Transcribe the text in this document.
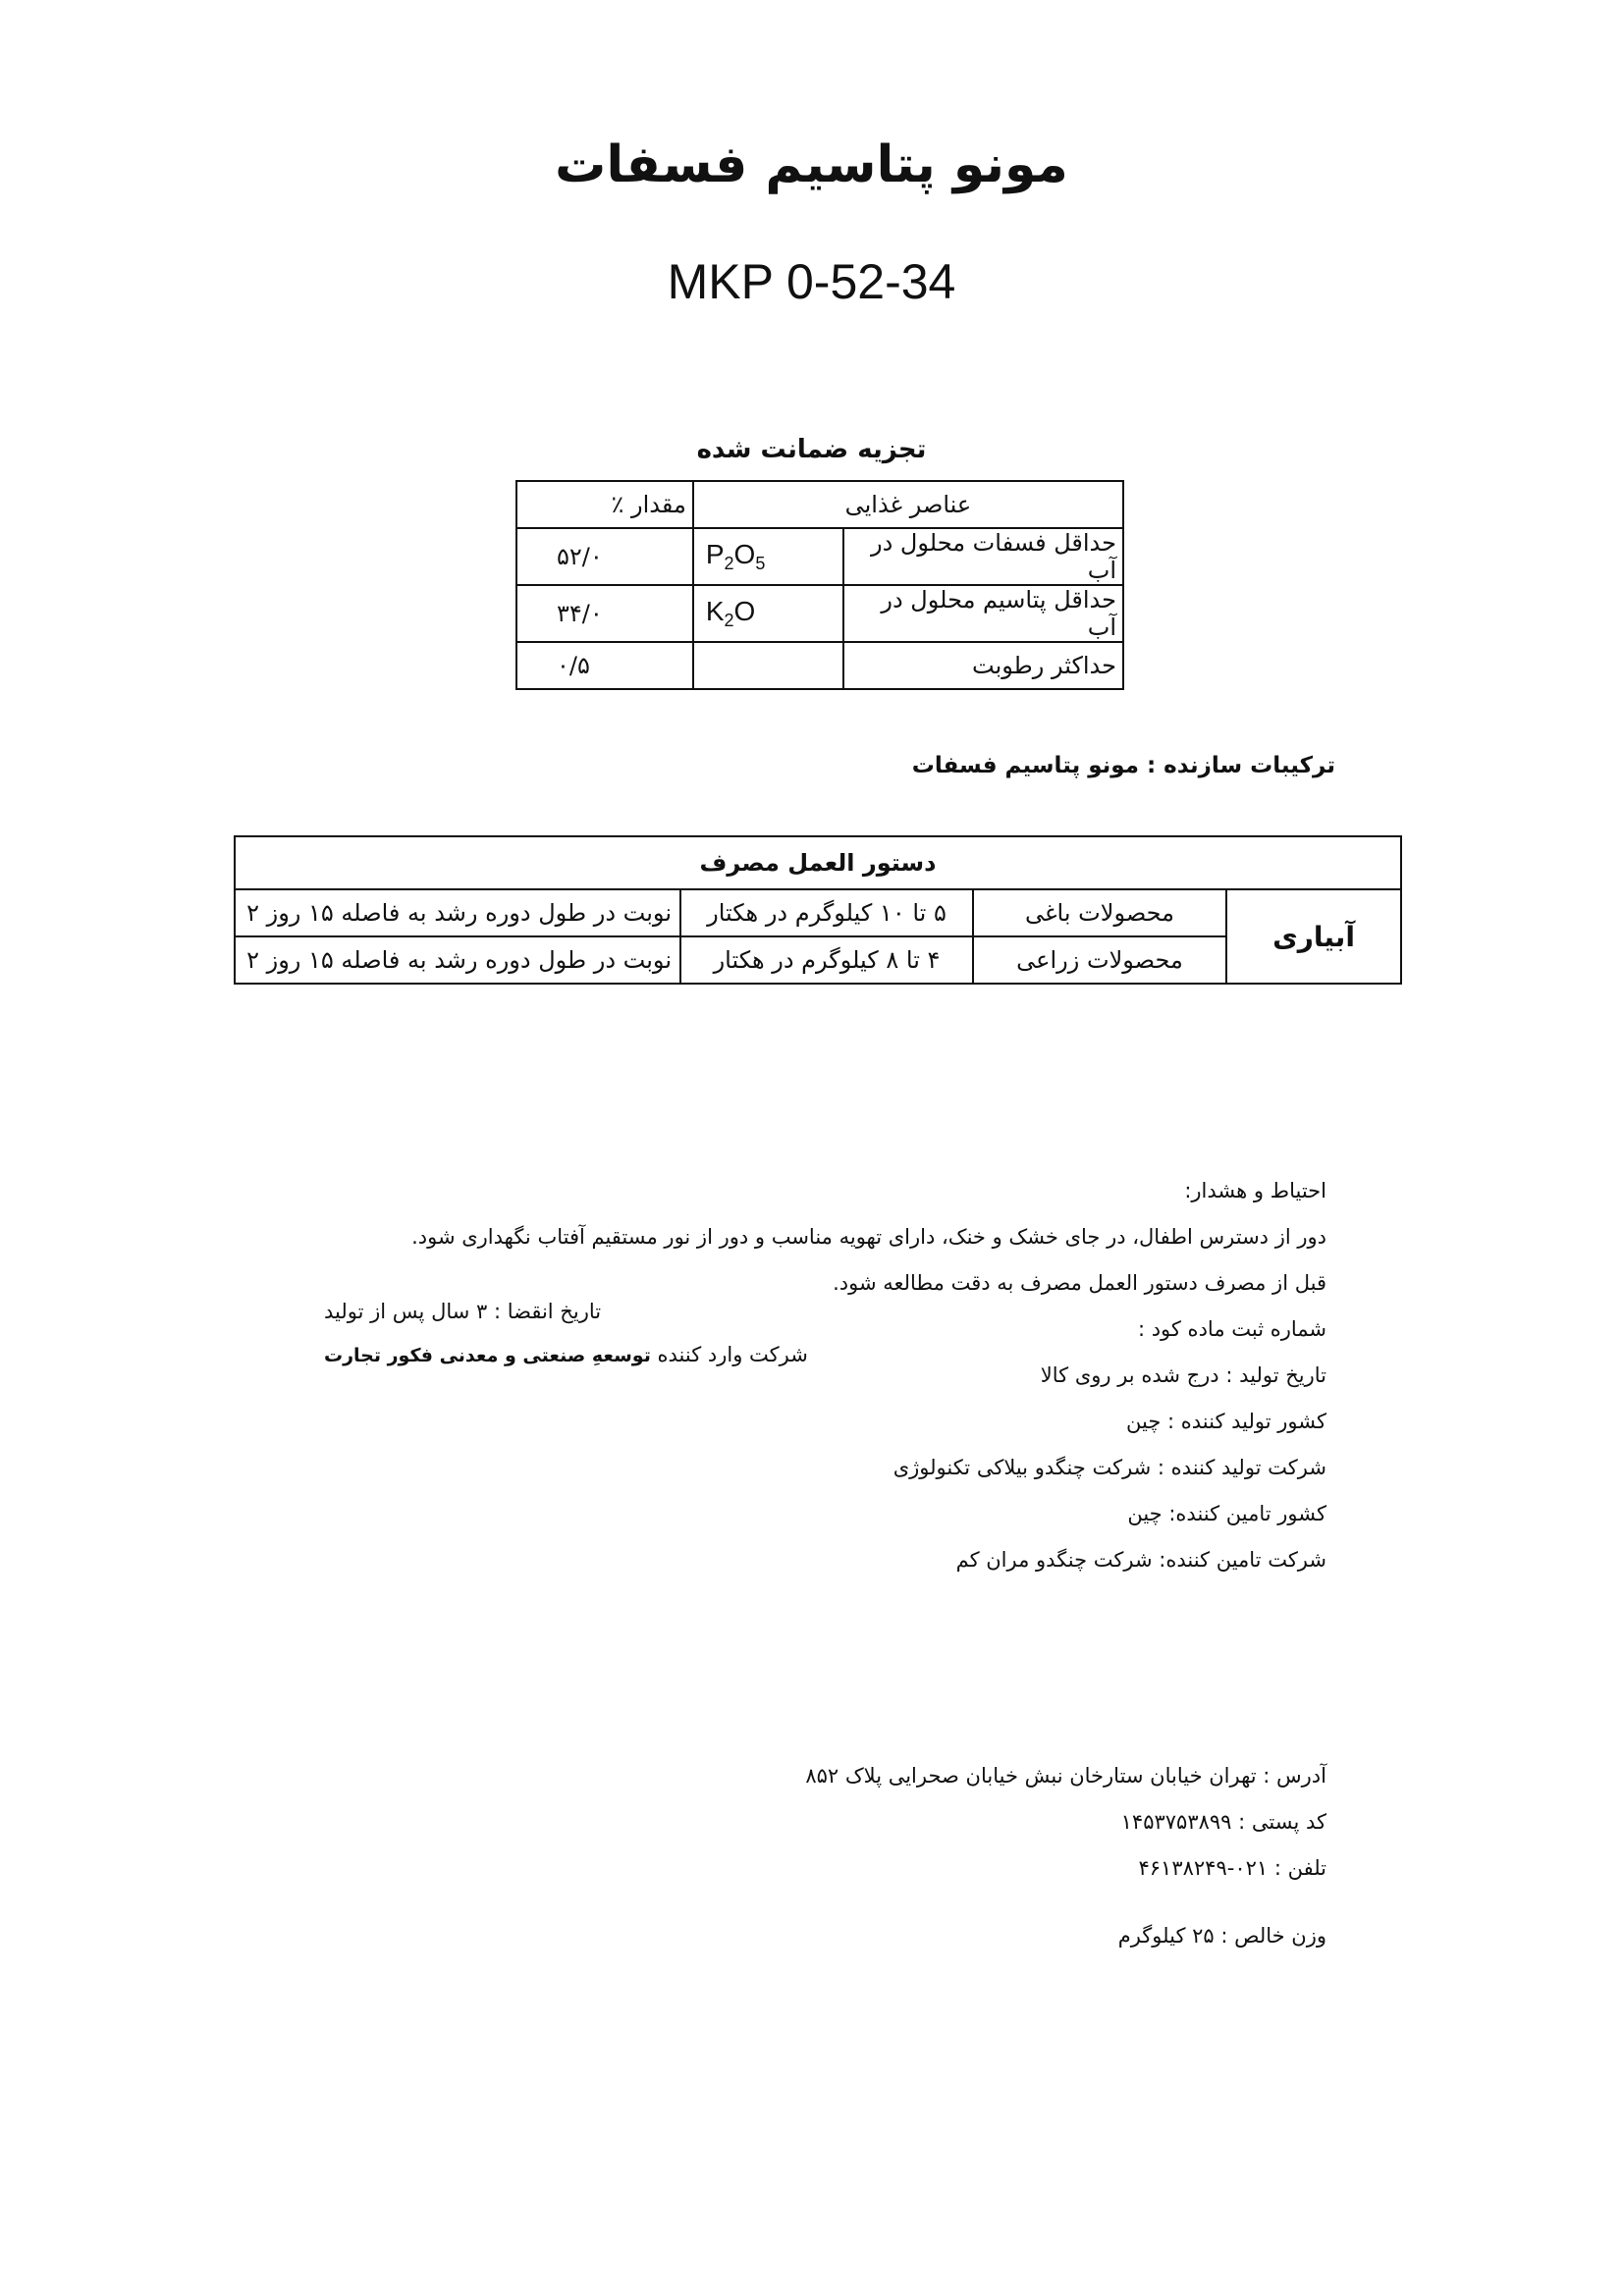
مونو پتاسیم فسفات
MKP 0-52-34
تجزیه ضمانت شده
عناصر غذایی		مقدار ٪
حداقل فسفات محلول در آب	$P_2O_5$	۵۲/۰
حداقل پتاسیم محلول در آب	$K_2O$	۳۴/۰
حداکثر رطوبت		۰/۵
ترکیبات سازنده : مونو پتاسیم فسفات
دستور العمل مصرف			
آبیاری	محصولات باغی	۵ تا ۱۰ کیلوگرم در هکتار	نوبت در طول دوره رشد به فاصله ۱۵ روز ۲
	محصولات زراعی	۴ تا ۸ کیلوگرم در هکتار	نوبت در طول دوره رشد به فاصله ۱۵ روز ۲
احتیاط و هشدار:
دور از دسترس اطفال، در جای خشک و خنک، دارای تهویه مناسب و دور از نور مستقیم آفتاب نگهداری شود.
قبل از مصرف دستور العمل مصرف به دقت مطالعه شود.
شماره ثبت ماده کود :
تاریخ تولید : درج شده بر روی کالا
کشور تولید کننده : چین
شرکت تولید کننده : شرکت چنگدو بیلاکی تکنولوژی
کشور تامین کننده: چین
شرکت تامین کننده: شرکت چنگدو مران کم
تاریخ انقضا : ۳ سال پس از تولید
شرکت وارد کننده توسعهِ صنعتی و معدنی فکور تجارت
آدرس : تهران خیابان ستارخان نبش خیابان صحرایی پلاک ۸۵۲
کد پستی : ۱۴۵۳۷۵۳۸۹۹
تلفن : ۰۲۱-۴۶۱۳۸۲۴۹
وزن خالص : ۲۵ کیلوگرم
